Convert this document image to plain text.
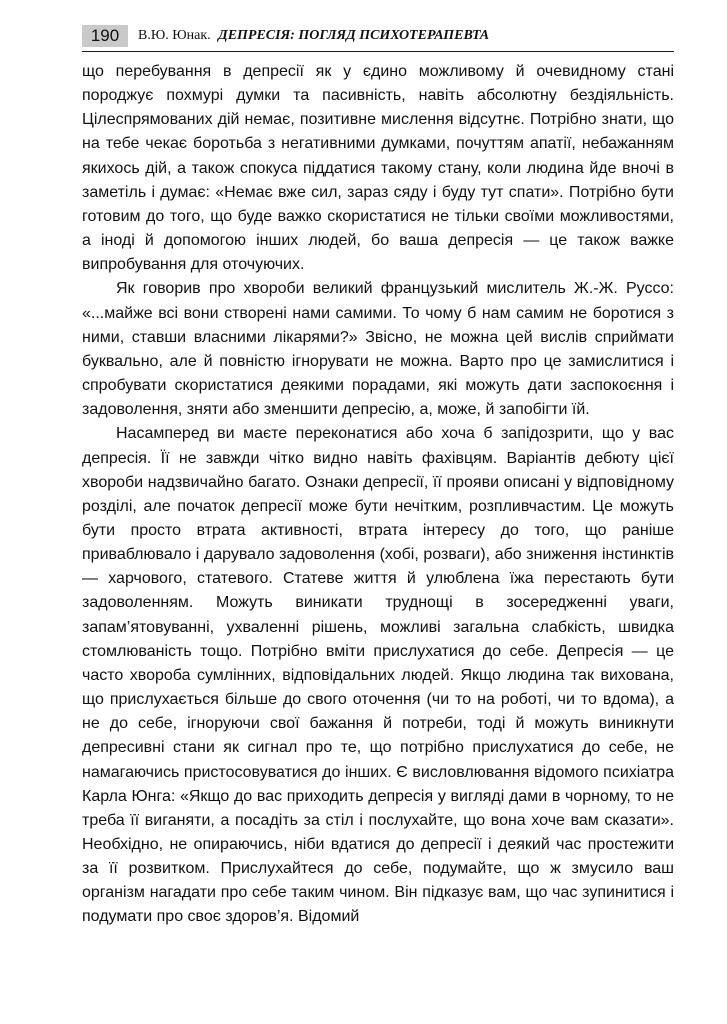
190	В.Ю. Юнак. ДЕПРЕСІЯ: ПОГЛЯД ПСИХОТЕРАПЕВТА

що перебування в депресії як у єдино можливому й очевидному стані породжує похмурі думки та пасивність, навіть абсолютну бездіяльність. Цілеспрямованих дій немає, позитивне мислення відсутнє. Потрібно знати, що на тебе чекає боротьба з негативними думками, почуттям апатії, небажанням якихось дій, а також спокуса піддатися такому стану, коли людина йде вночі в заметіль і думає: «Немає вже сил, зараз сяду і буду тут спати». Потрібно бути готовим до того, що буде важко скористатися не тільки своїми можливостями, а іноді й допомогою інших людей, бо ваша депресія — це також важке випробування для оточуючих.

Як говорив про хвороби великий французький мислитель Ж.-Ж. Руссо: «...майже всі вони створені нами самими. То чому б нам самим не боротися з ними, ставши власними лікарями?» Звісно, не можна цей вислів сприймати буквально, але й повністю ігнорувати не можна. Варто про це замислитися і спробувати скористатися деякими порадами, які можуть дати заспокоєння і задоволення, зняти або зменшити депресію, а, може, й запобігти їй.

Насамперед ви маєте переконатися або хоча б запідозрити, що у вас депресія. Її не завжди чітко видно навіть фахівцям. Варіантів дебюту цієї хвороби надзвичайно багато. Ознаки депресії, її прояви описані у відповідному розділі, але початок депресії може бути нечітким, розпливчастим. Це можуть бути просто втрата активності, втрата інтересу до того, що раніше приваблювало і дарувало задоволення (хобі, розваги), або зниження інстинктів — харчового, статевого. Статеве життя й улюблена їжа перестають бути задоволенням. Можуть виникати труднощі в зосередженні уваги, запам’ятовуванні, ухваленні рішень, можливі загальна слабкість, швидка стомлюваність тощо. Потрібно вміти прислухатися до себе. Депресія — це часто хвороба сумлінних, відповідальних людей. Якщо людина так вихована, що прислухається більше до свого оточення (чи то на роботі, чи то вдома), а не до себе, ігноруючи свої бажання й потреби, тоді й можуть виникнути депресивні стани як сигнал про те, що потрібно прислухатися до себе, не намагаючись пристосовуватися до інших. Є висловлювання відомого психіатра Карла Юнга: «Якщо до вас приходить депресія у вигляді дами в чорному, то не треба її виганяти, а посадіть за стіл і послухайте, що вона хоче вам сказати». Необхідно, не опираючись, ніби вдатися до депресії і деякий час простежити за її розвитком. Прислухайтеся до себе, подумайте, що ж змусило ваш організм нагадати про себе таким чином. Він підказує вам, що час зупинитися і подумати про своє здоров’я. Відомий
